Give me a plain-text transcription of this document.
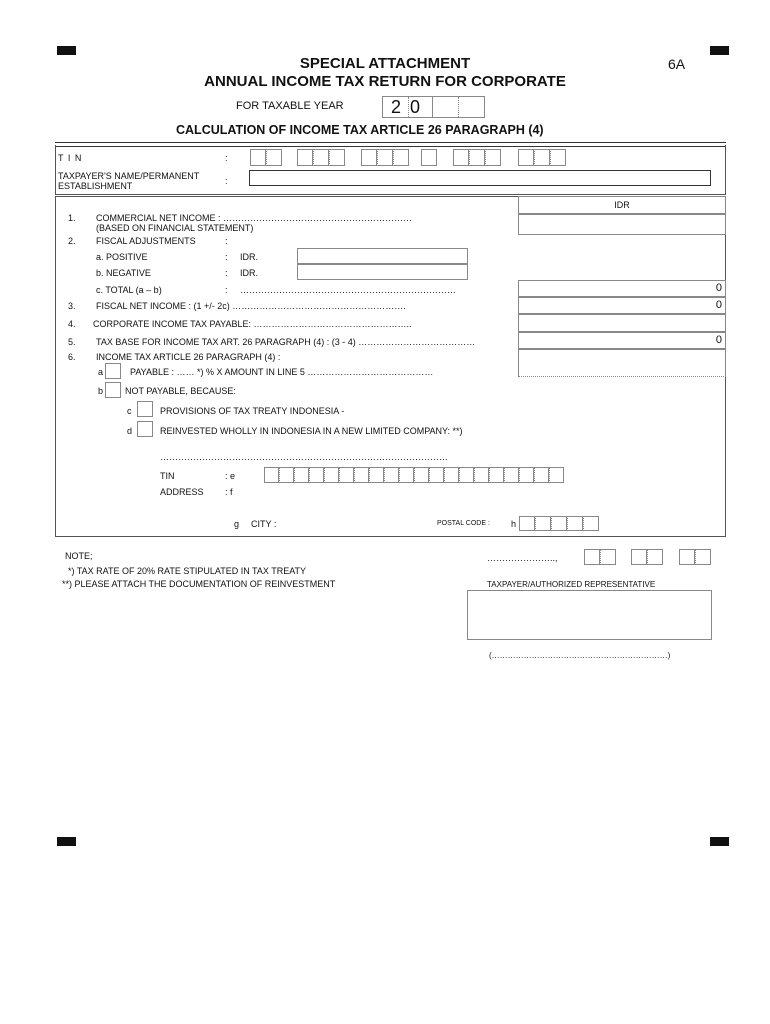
SPECIAL ATTACHMENT
ANNUAL INCOME TAX RETURN FOR CORPORATE
6A
FOR TAXABLE YEAR	2 0
CALCULATION OF INCOME TAX ARTICLE 26 PARAGRAPH (4)
T I N	:
TAXPAYER'S NAME/PERMANENT
ESTABLISHMENT	:
IDR
1. COMMERCIAL NET INCOME : ………………………………………………………
(BASED ON FINANCIAL STATEMENT)
2. FISCAL ADJUSTMENTS	:
a. POSITIVE	: IDR.
b. NEGATIVE	: IDR.
c. TOTAL (a – b)	: ………………………………………………………………	0
3. FISCAL NET INCOME : (1 +/- 2c) ………………………………………………….	0
4. CORPORATE INCOME TAX PAYABLE: ……………………………………………..
5. TAX BASE FOR INCOME TAX ART. 26 PARAGRAPH (4) : (3 - 4) …………………………………	0
6. INCOME TAX ARTICLE 26 PARAGRAPH (4) :
a	PAYABLE : …… *) % X AMOUNT IN LINE 5 ……………………………………
b NOT PAYABLE, BECAUSE:
c	PROVISIONS OF TAX TREATY INDONESIA -
d	REINVESTED WHOLLY IN INDONESIA IN A NEW LIMITED COMPANY: **)
……………………………………………………………………………………
TIN	: e
ADDRESS : f
g CITY :	POSTAL CODE : h
NOTE;
*) TAX RATE OF 20% RATE STIPULATED IN TAX TREATY
**) PLEASE ATTACH THE DOCUMENTATION OF REINVESTMENT
…………………..,
TAXPAYER/AUTHORIZED REPRESENTATIVE
(…………………………………………………………)
